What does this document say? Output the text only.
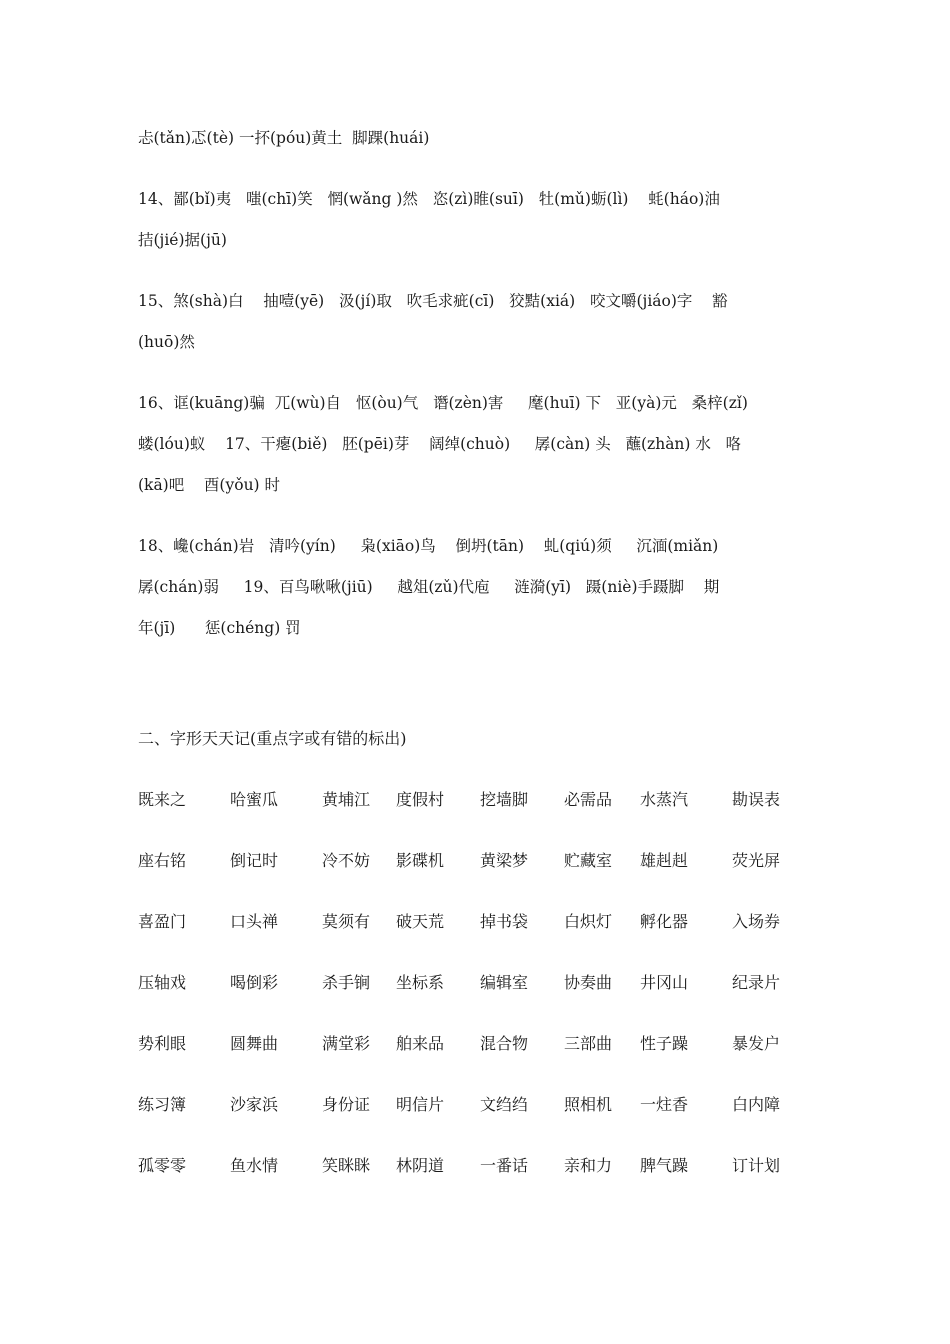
忐(tǎn)忑(tè) 一抔(póu)黄土  脚踝(huái)
14、鄙(bǐ)夷   嗤(chī)笑   惘(wǎng )然   恣(zì)睢(suī)   牡(mǔ)蛎(lì)    蚝(háo)油
拮(jié)据(jū)
15、煞(shà)白    抽噎(yē)   汲(jí)取   吹毛求疵(cī)   狡黠(xiá)   咬文嚼(jiáo)字    豁
(huō)然
16、诓(kuāng)骗  兀(wù)自   怄(òu)气   谮(zèn)害     麾(huī) 下   亚(yà)元   桑梓(zǐ)
蝼(lóu)蚁    17、干瘪(biě)   胚(pēi)芽    阔绰(chuò)     孱(càn) 头   蘸(zhàn) 水   咯
(kā)吧    酉(yǒu) 时
18、巉(chán)岩   清吟(yín)     枭(xiāo)鸟    倒坍(tān)    虬(qiú)须     沉湎(miǎn)
孱(chán)弱     19、百鸟啾啾(jiū)     越俎(zǔ)代庖     涟漪(yī)   蹑(niè)手蹑脚    期
年(jī)      惩(chéng) 罚
二、字形天天记(重点字或有错的标出)
既来之	哈蜜瓜	黄埔江 度假村 挖墙脚 必需品 水蒸汽	勘误表
座右铭	倒记时	冷不妨 影碟机 黄梁梦 贮藏室 雄赳赳	荧光屏
喜盈门	口头禅	莫须有 破天荒 掉书袋 白炽灯 孵化器	入场券
压轴戏	喝倒彩	杀手锏 坐标系 编辑室 协奏曲 井冈山	纪录片
势利眼	圆舞曲	满堂彩 舶来品 混合物 三部曲 性子躁	暴发户
练习簿	沙家浜	身份证 明信片 文绉绉 照相机 一炷香	白内障
孤零零	鱼水情	笑眯眯 林阴道 一番话 亲和力 脾气躁	订计划
